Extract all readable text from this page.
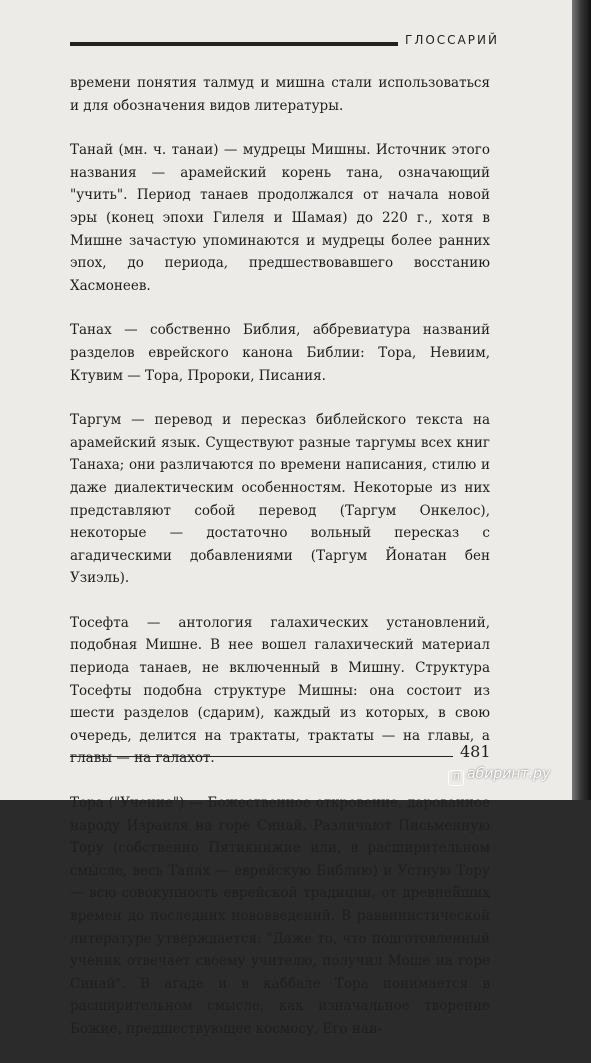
ГЛОССАРИЙ

времени понятия талмуд и мишна стали использоваться и для обозначения видов литературы.

Танай (мн. ч. танаи) — мудрецы Мишны. Источник этого названия — арамейский корень тана, означающий "учить". Период танаев продолжался от начала новой эры (конец эпохи Гилеля и Шамая) до 220 г., хотя в Мишне зачастую упоминаются и мудрецы более ранних эпох, до периода, предшествовавшего восстанию Хасмонеев.

Танах — собственно Библия, аббревиатура названий разделов еврейского канона Библии: Тора, Невиим, Ктувим — Тора, Пророки, Писания.

Таргум — перевод и пересказ библейского текста на арамейский язык. Существуют разные таргумы всех книг Танаха; они различаются по времени написания, стилю и даже диалектическим особенностям. Некоторые из них представляют собой перевод (Таргум Онкелос), некоторые — достаточно вольный пересказ с агадическими добавлениями (Таргум Йонатан бен Узиэль).

Тосефта — антология галахических установлений, подобная Мишне. В нее вошел галахический материал периода танаев, не включенный в Мишну. Структура Тосефты подобна структуре Мишны: она состоит из шести разделов (сдарим), каждый из которых, в свою очередь, делится на трактаты, трактаты — на главы, а главы — на галахот.

Тора ("Учение") — Божественное откровение, дарованное народу Израиля на горе Синай. Различают Письменную Тору (собственно Пятикнижие или, в расширительном смысле, весь Танах — еврейскую Библию) и Устную Тору — всю совокупность еврейской традиции, от древнейших времен до последних нововведений. В раввинистической литературе утверждается: "Даже то, что подготовленный ученик отвечает своему учителю, получил Моше на горе Синай". В агаде и в каббале Тора понимается в расширительном смысле, как изначальное творение Божие, предшествующее космосу, Его наи-

481
Л абиринт.ру
